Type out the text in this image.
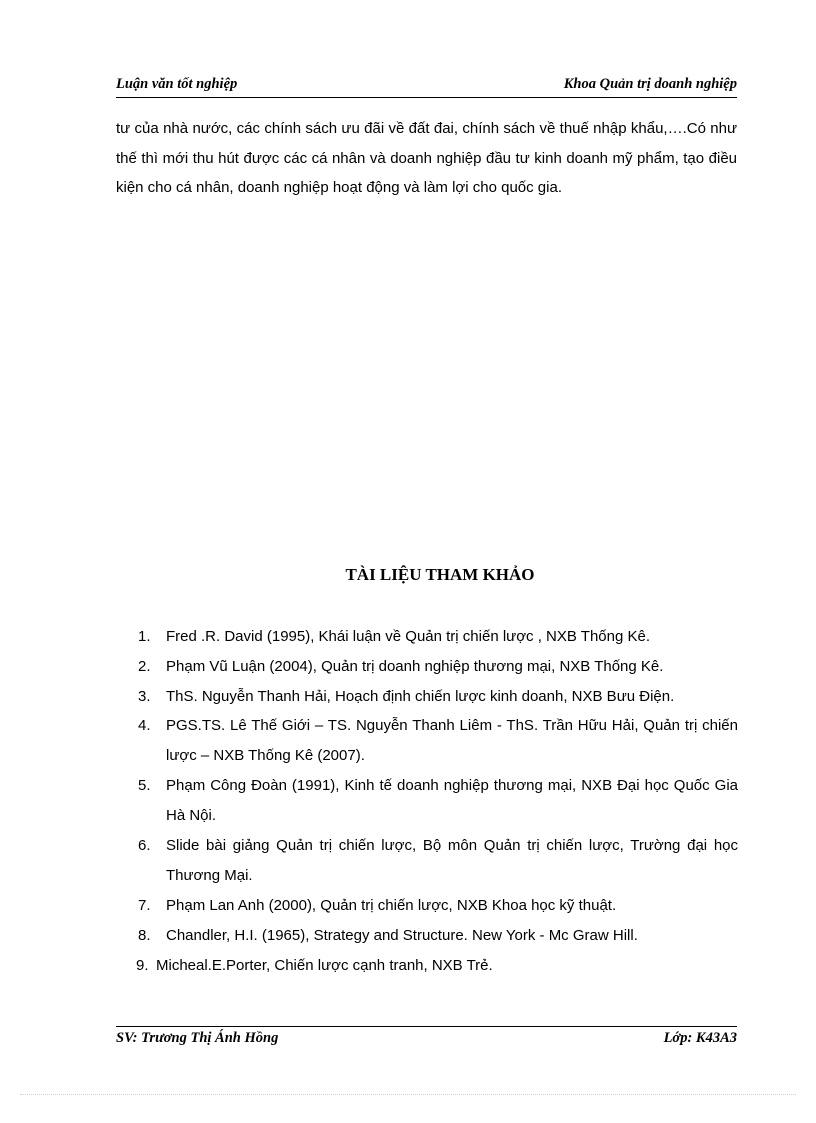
Luận văn tốt nghiệp	Khoa Quản trị doanh nghiệp
tư của nhà nước, các chính sách ưu đãi về đất đai, chính sách về thuế nhập khẩu,….Có như thế thì mới thu hút được các cá nhân và doanh nghiệp đầu tư kinh doanh mỹ phẩm, tạo điều kiện cho cá nhân, doanh nghiệp hoạt động và làm lợi cho quốc gia.
TÀI LIỆU THAM KHẢO
1.	Fred .R. David (1995), Khái luận về Quản trị chiến lược , NXB Thống Kê.
2.	Phạm Vũ Luận (2004), Quản trị doanh nghiệp thương mại, NXB Thống Kê.
3.	ThS. Nguyễn Thanh Hải, Hoạch định chiến lược kinh doanh, NXB Bưu Điện.
4.	PGS.TS. Lê Thế Giới – TS. Nguyễn Thanh Liêm - ThS. Trần Hữu Hải, Quản trị chiến lược – NXB Thống Kê (2007).
5.	Phạm Công Đoàn (1991), Kinh tế doanh nghiệp thương mại, NXB Đại học Quốc Gia Hà Nội.
6.	Slide bài giảng Quản trị chiến lược, Bộ môn Quản trị chiến lược, Trường đại học Thương Mại.
7.	Phạm Lan Anh (2000), Quản trị chiến lược, NXB Khoa học kỹ thuật.
8.	Chandler, H.I. (1965), Strategy and Structure. New York - Mc Graw Hill.
9. Micheal.E.Porter, Chiến lược cạnh tranh, NXB Trẻ.
SV: Trương Thị Ánh Hồng	Lớp: K43A3
